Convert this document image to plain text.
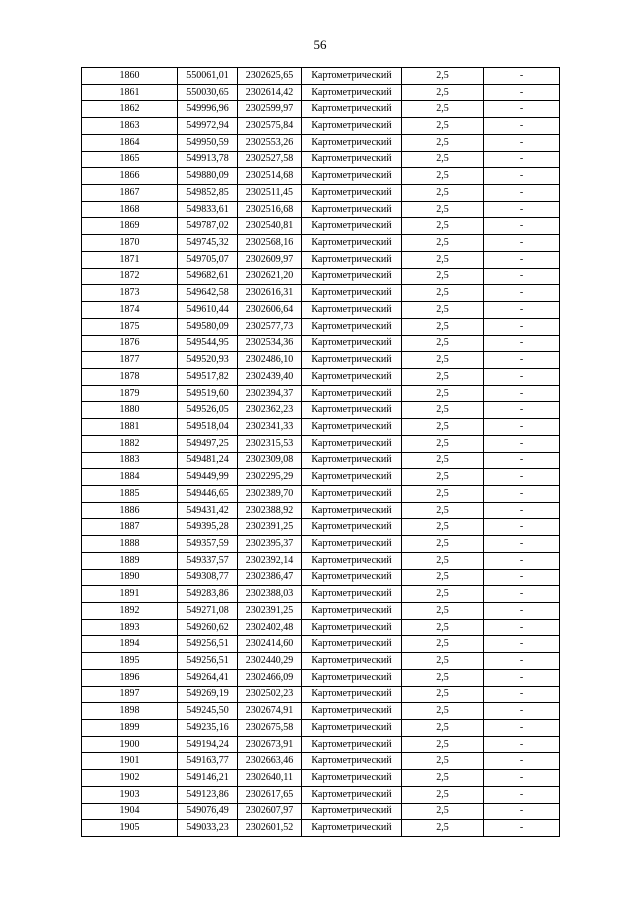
56
1860	550061,01	2302625,65	Картометрический	2,5	-
1861	550030,65	2302614,42	Картометрический	2,5	-
1862	549996,96	2302599,97	Картометрический	2,5	-
1863	549972,94	2302575,84	Картометрический	2,5	-
1864	549950,59	2302553,26	Картометрический	2,5	-
1865	549913,78	2302527,58	Картометрический	2,5	-
1866	549880,09	2302514,68	Картометрический	2,5	-
1867	549852,85	2302511,45	Картометрический	2,5	-
1868	549833,61	2302516,68	Картометрический	2,5	-
1869	549787,02	2302540,81	Картометрический	2,5	-
1870	549745,32	2302568,16	Картометрический	2,5	-
1871	549705,07	2302609,97	Картометрический	2,5	-
1872	549682,61	2302621,20	Картометрический	2,5	-
1873	549642,58	2302616,31	Картометрический	2,5	-
1874	549610,44	2302606,64	Картометрический	2,5	-
1875	549580,09	2302577,73	Картометрический	2,5	-
1876	549544,95	2302534,36	Картометрический	2,5	-
1877	549520,93	2302486,10	Картометрический	2,5	-
1878	549517,82	2302439,40	Картометрический	2,5	-
1879	549519,60	2302394,37	Картометрический	2,5	-
1880	549526,05	2302362,23	Картометрический	2,5	-
1881	549518,04	2302341,33	Картометрический	2,5	-
1882	549497,25	2302315,53	Картометрический	2,5	-
1883	549481,24	2302309,08	Картометрический	2,5	-
1884	549449,99	2302295,29	Картометрический	2,5	-
1885	549446,65	2302389,70	Картометрический	2,5	-
1886	549431,42	2302388,92	Картометрический	2,5	-
1887	549395,28	2302391,25	Картометрический	2,5	-
1888	549357,59	2302395,37	Картометрический	2,5	-
1889	549337,57	2302392,14	Картометрический	2,5	-
1890	549308,77	2302386,47	Картометрический	2,5	-
1891	549283,86	2302388,03	Картометрический	2,5	-
1892	549271,08	2302391,25	Картометрический	2,5	-
1893	549260,62	2302402,48	Картометрический	2,5	-
1894	549256,51	2302414,60	Картометрический	2,5	-
1895	549256,51	2302440,29	Картометрический	2,5	-
1896	549264,41	2302466,09	Картометрический	2,5	-
1897	549269,19	2302502,23	Картометрический	2,5	-
1898	549245,50	2302674,91	Картометрический	2,5	-
1899	549235,16	2302675,58	Картометрический	2,5	-
1900	549194,24	2302673,91	Картометрический	2,5	-
1901	549163,77	2302663,46	Картометрический	2,5	-
1902	549146,21	2302640,11	Картометрический	2,5	-
1903	549123,86	2302617,65	Картометрический	2,5	-
1904	549076,49	2302607,97	Картометрический	2,5	-
1905	549033,23	2302601,52	Картометрический	2,5	-
